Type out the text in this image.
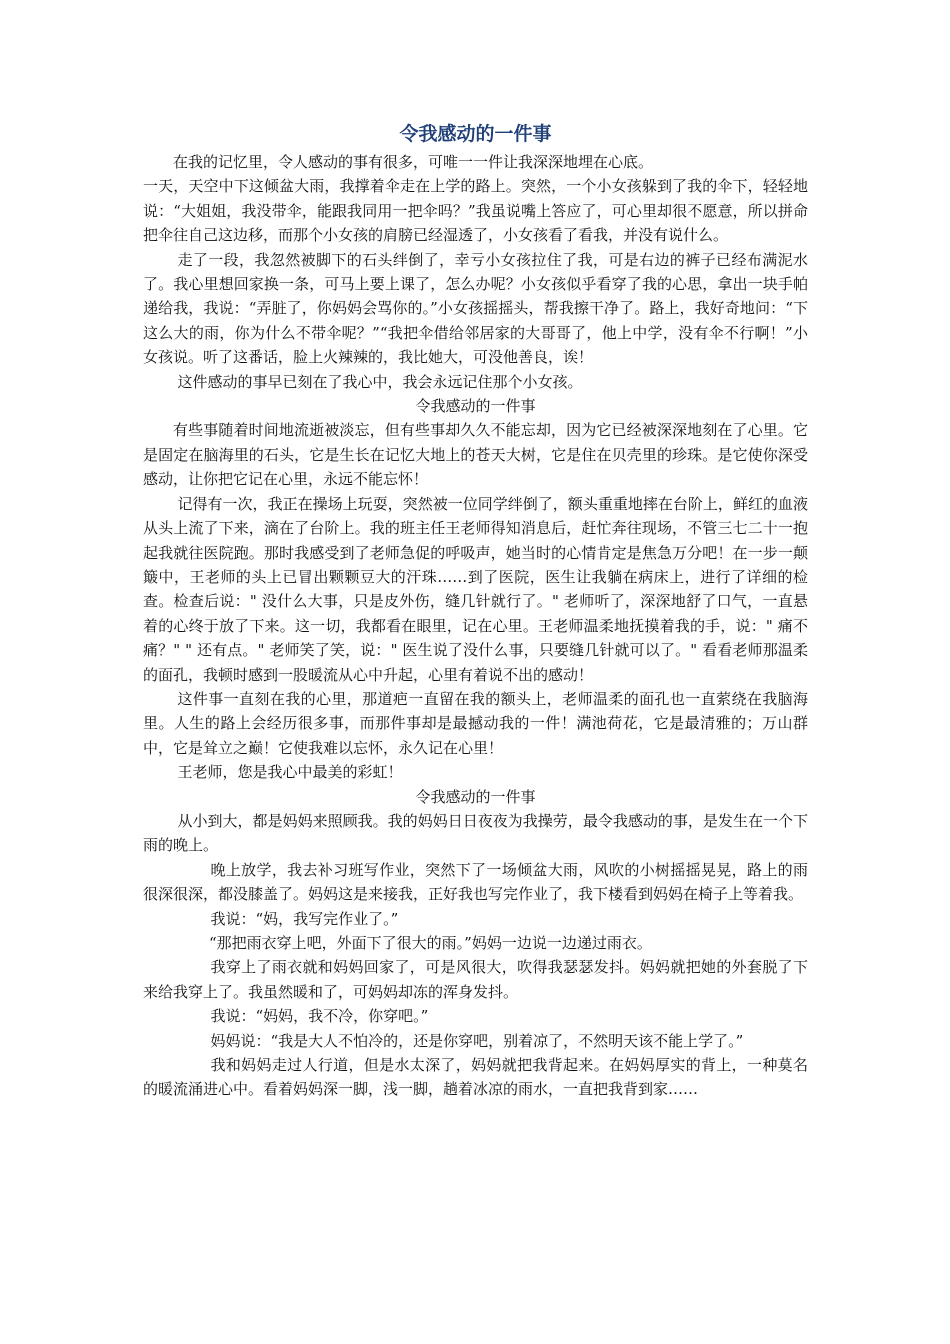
令我感动的一件事

在我的记忆里，令人感动的事有很多，可唯一一件让我深深地埋在心底。

一天，天空中下这倾盆大雨，我撑着伞走在上学的路上。突然，一个小女孩躲到了我的伞下，轻轻地说：“大姐姐，我没带伞，能跟我同用一把伞吗？”我虽说嘴上答应了，可心里却很不愿意，所以拼命把伞往自己这边移，而那个小女孩的肩膀已经湿透了，小女孩看了看我，并没有说什么。

走了一段，我忽然被脚下的石头绊倒了，幸亏小女孩拉住了我，可是右边的裤子已经布满泥水了。我心里想回家换一条，可马上要上课了，怎么办呢？小女孩似乎看穿了我的心思，拿出一块手帕递给我，我说：“弄脏了，你妈妈会骂你的。”小女孩摇摇头，帮我擦干净了。路上，我好奇地问：“下这么大的雨，你为什么不带伞呢？”“我把伞借给邻居家的大哥哥了，他上中学，没有伞不行啊！”小女孩说。听了这番话，脸上火辣辣的，我比她大，可没他善良，诶！

这件感动的事早已刻在了我心中，我会永远记住那个小女孩。

令我感动的一件事

有些事随着时间地流逝被淡忘，但有些事却久久不能忘却，因为它已经被深深地刻在了心里。它是固定在脑海里的石头，它是生长在记忆大地上的苍天大树，它是住在贝壳里的珍珠。是它使你深受感动，让你把它记在心里，永远不能忘怀！

记得有一次，我正在操场上玩耍，突然被一位同学绊倒了，额头重重地摔在台阶上，鲜红的血液从头上流了下来，滴在了台阶上。我的班主任王老师得知消息后，赶忙奔往现场，不管三七二十一抱起我就往医院跑。那时我感受到了老师急促的呼吸声，她当时的心情肯定是焦急万分吧！在一步一颠簸中，王老师的头上已冒出颗颗豆大的汗珠……到了医院，医生让我躺在病床上，进行了详细的检查。检查后说：" 没什么大事，只是皮外伤，缝几针就行了。" 老师听了，深深地舒了口气，一直悬着的心终于放了下来。这一切，我都看在眼里，记在心里。王老师温柔地抚摸着我的手，说：" 痛不痛？" " 还有点。" 老师笑了笑，说：" 医生说了没什么事，只要缝几针就可以了。" 看看老师那温柔的面孔，我顿时感到一股暖流从心中升起，心里有着说不出的感动！

这件事一直刻在我的心里，那道疤一直留在我的额头上，老师温柔的面孔也一直萦绕在我脑海里。人生的路上会经历很多事，而那件事却是最撼动我的一件！满池荷花，它是最清雅的；万山群中，它是耸立之巅！它使我难以忘怀，永久记在心里！

王老师，您是我心中最美的彩虹！

令我感动的一件事

从小到大，都是妈妈来照顾我。我的妈妈日日夜夜为我操劳，最令我感动的事，是发生在一个下雨的晚上。

晚上放学，我去补习班写作业，突然下了一场倾盆大雨，风吹的小树摇摇晃晃，路上的雨很深很深，都没膝盖了。妈妈这是来接我，正好我也写完作业了，我下楼看到妈妈在椅子上等着我。

我说：“妈，我写完作业了。”

“那把雨衣穿上吧，外面下了很大的雨。”妈妈一边说一边递过雨衣。

我穿上了雨衣就和妈妈回家了，可是风很大，吹得我瑟瑟发抖。妈妈就把她的外套脱了下来给我穿上了。我虽然暖和了，可妈妈却冻的浑身发抖。

我说：“妈妈，我不冷，你穿吧。”

妈妈说：“我是大人不怕冷的，还是你穿吧，别着凉了，不然明天该不能上学了。”

我和妈妈走过人行道，但是水太深了，妈妈就把我背起来。在妈妈厚实的背上，一种莫名的暖流涌进心中。看着妈妈深一脚，浅一脚，趟着冰凉的雨水，一直把我背到家……
